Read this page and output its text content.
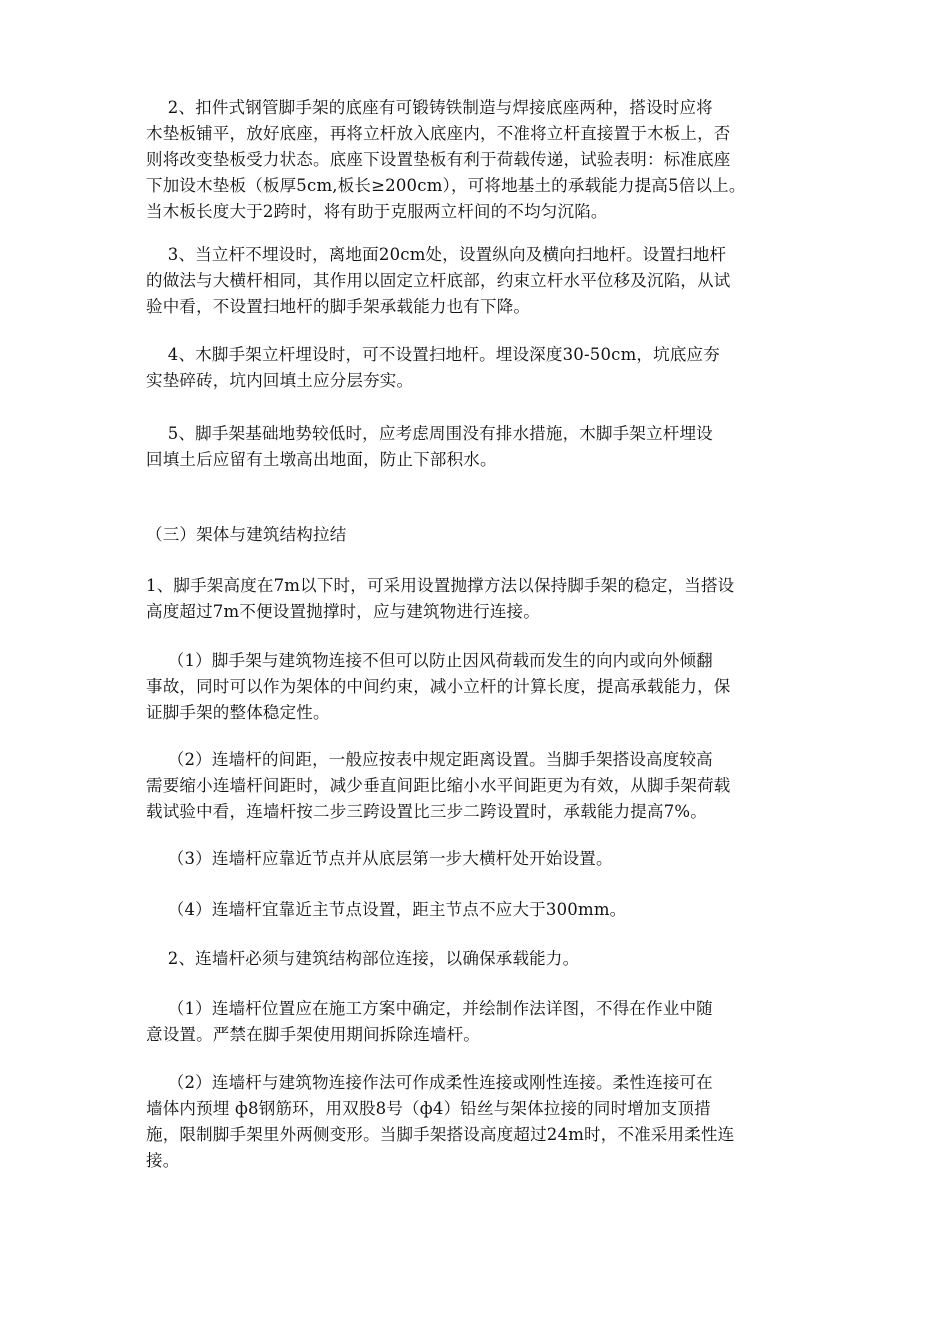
2、扣件式钢管脚手架的底座有可锻铸铁制造与焊接底座两种，搭设时应将
木垫板铺平，放好底座，再将立杆放入底座内，不准将立杆直接置于木板上，否
则将改变垫板受力状态。底座下设置垫板有利于荷载传递，试验表明：标准底座
下加设木垫板（板厚5cm,板长≥200cm），可将地基土的承载能力提高5倍以上。
当木板长度大于2跨时，将有助于克服两立杆间的不均匀沉陷。
3、当立杆不埋设时，离地面20cm处，设置纵向及横向扫地杆。设置扫地杆
的做法与大横杆相同，其作用以固定立杆底部，约束立杆水平位移及沉陷，从试
验中看，不设置扫地杆的脚手架承载能力也有下降。
4、木脚手架立杆埋设时，可不设置扫地杆。埋设深度30-50cm，坑底应夯
实垫碎砖，坑内回填土应分层夯实。
5、脚手架基础地势较低时，应考虑周围没有排水措施，木脚手架立杆埋设
回填土后应留有土墩高出地面，防止下部积水。
（三）架体与建筑结构拉结
1、脚手架高度在7m以下时，可采用设置抛撑方法以保持脚手架的稳定，当搭设
高度超过7m不便设置抛撑时，应与建筑物进行连接。
（1）脚手架与建筑物连接不但可以防止因风荷载而发生的向内或向外倾翻
事故，同时可以作为架体的中间约束，减小立杆的计算长度，提高承载能力，保
证脚手架的整体稳定性。
（2）连墙杆的间距，一般应按表中规定距离设置。当脚手架搭设高度较高
需要缩小连墙杆间距时，减少垂直间距比缩小水平间距更为有效，从脚手架荷载
载试验中看，连墙杆按二步三跨设置比三步二跨设置时，承载能力提高7%。
（3）连墙杆应靠近节点并从底层第一步大横杆处开始设置。
（4）连墙杆宜靠近主节点设置，距主节点不应大于300mm。
2、连墙杆必须与建筑结构部位连接，以确保承载能力。
（1）连墙杆位置应在施工方案中确定，并绘制作法详图，不得在作业中随
意设置。严禁在脚手架使用期间拆除连墙杆。
（2）连墙杆与建筑物连接作法可作成柔性连接或刚性连接。柔性连接可在
墙体内预埋 ф8钢筋环，用双股8号（ф4）铅丝与架体拉接的同时增加支顶措
施，限制脚手架里外两侧变形。当脚手架搭设高度超过24m时，不准采用柔性连
接。
